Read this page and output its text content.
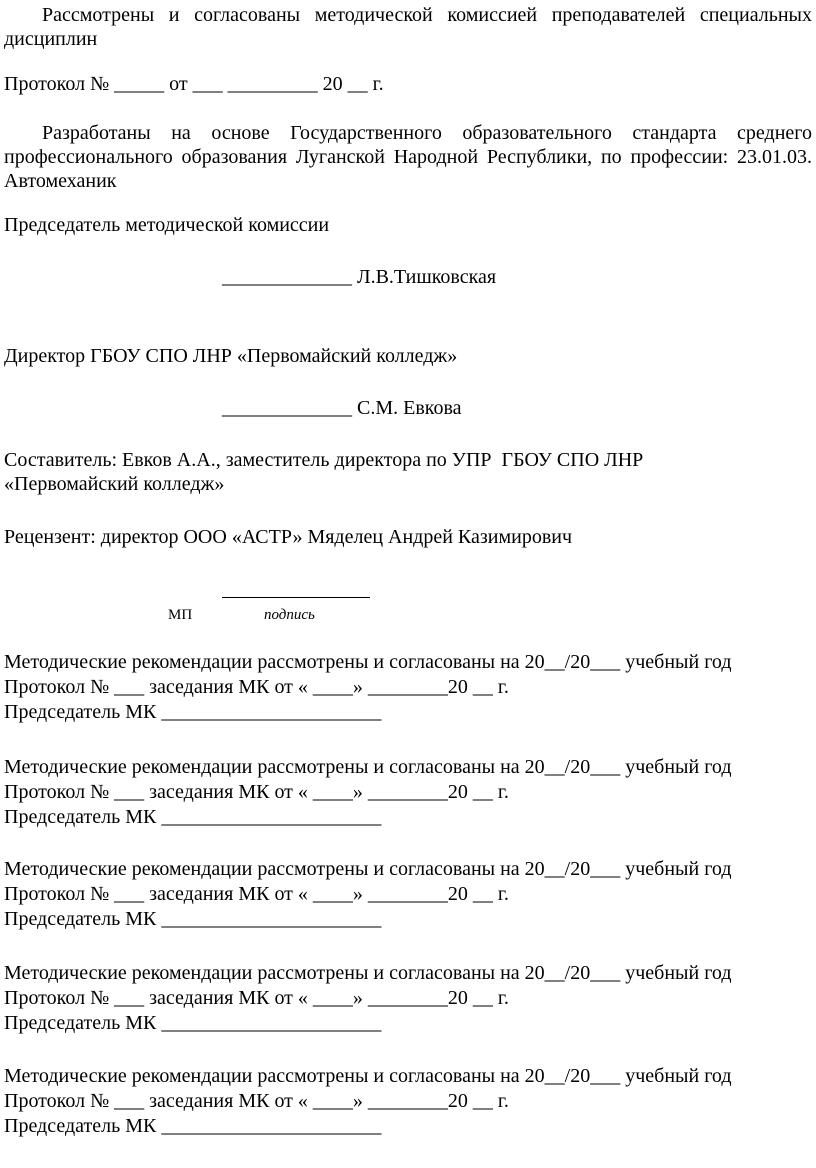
Рассмотрены и согласованы методической комиссией преподавателей специальных дисциплин
Протокол № _____ от ___ _________ 20 __ г.
Разработаны на основе Государственного образовательного стандарта среднего профессионального образования Луганской Народной Республики, по профессии: 23.01.03. Автомеханик
Председатель методической комиссии
_____________ Л.В.Тишковская
Директор ГБОУ СПО ЛНР «Первомайский колледж»
_____________ С.М. Евкова
Составитель: Евков А.А., заместитель директора по УПР  ГБОУ СПО ЛНР
«Первомайский колледж»
Рецензент: директор ООО «АСТР» Мяделец Андрей Казимирович
МП	подпись
Методические рекомендации рассмотрены и согласованы на 20__/20___ учебный год
Протокол № ___ заседания МК от « ____» ________20 __ г.
Председатель МК ______________________
Методические рекомендации рассмотрены и согласованы на 20__/20___ учебный год
Протокол № ___ заседания МК от « ____» ________20 __ г.
Председатель МК ______________________
Методические рекомендации рассмотрены и согласованы на 20__/20___ учебный год
Протокол № ___ заседания МК от « ____» ________20 __ г.
Председатель МК ______________________
Методические рекомендации рассмотрены и согласованы на 20__/20___ учебный год
Протокол № ___ заседания МК от « ____» ________20 __ г.
Председатель МК ______________________
Методические рекомендации рассмотрены и согласованы на 20__/20___ учебный год
Протокол № ___ заседания МК от « ____» ________20 __ г.
Председатель МК ______________________
